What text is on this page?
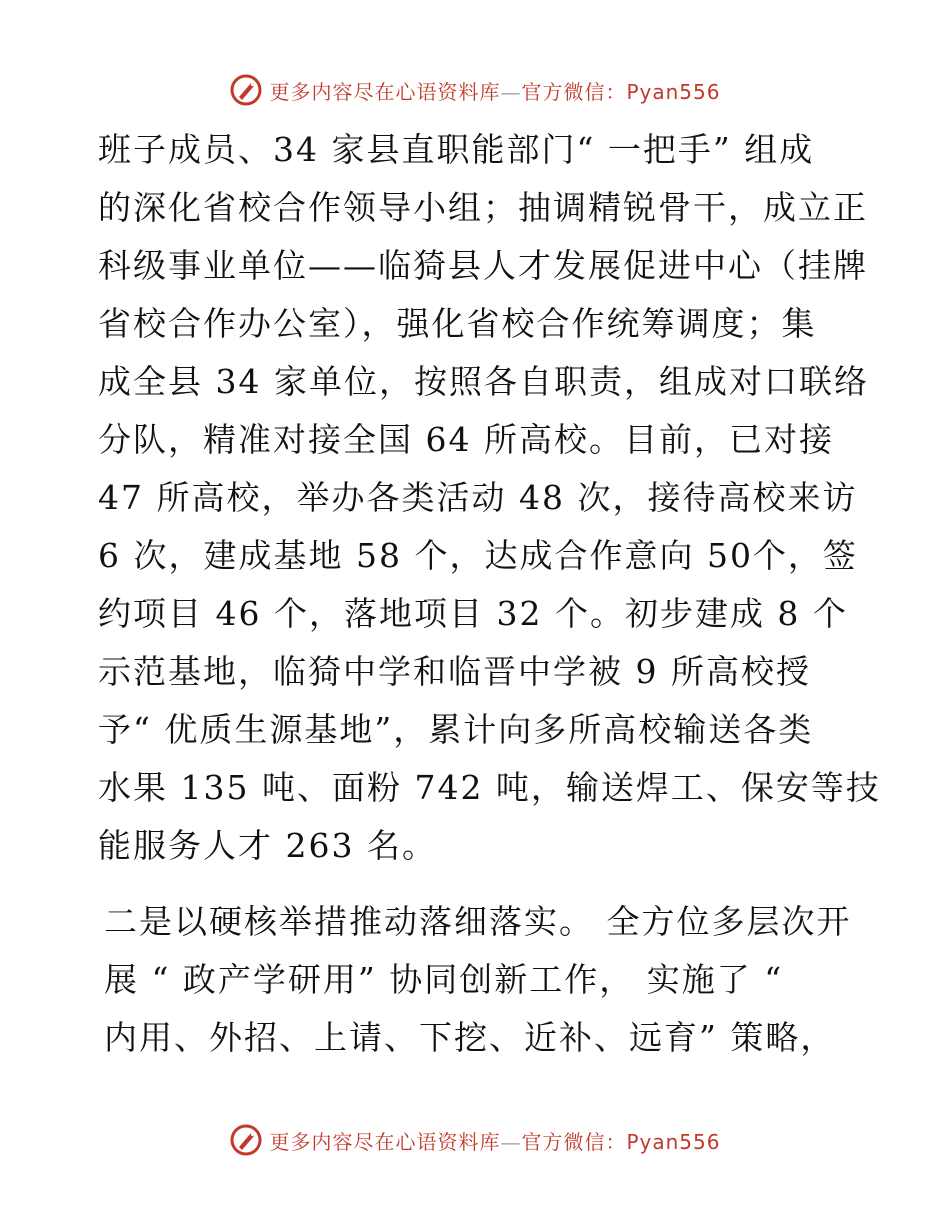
更多内容尽在心语资料库—官方微信：Pyan556
班子成员、34 家县直职能部门“ 一把手” 组成
的深化省校合作领导小组；抽调精锐骨干，成立正
科级事业单位——临猗县人才发展促进中心（挂牌
省校合作办公室），强化省校合作统筹调度；集
成全县 34 家单位，按照各自职责，组成对口联络
分队，精准对接全国 64 所高校。目前，已对接
47 所高校，举办各类活动 48 次，接待高校来访
6 次，建成基地 58 个，达成合作意向 50个，签
约项目 46 个，落地项目 32 个。初步建成 8 个
示范基地，临猗中学和临晋中学被 9 所高校授
予“ 优质生源基地”，累计向多所高校输送各类
水果 135 吨、面粉 742 吨，输送焊工、保安等技
能服务人才 263 名。
二是以硬核举措推动落细落实。 全方位多层次开
展 “ 政产学研用” 协同创新工作， 实施了 “
内用、外招、上请、下挖、近补、远育” 策略，
更多内容尽在心语资料库—官方微信：Pyan556
